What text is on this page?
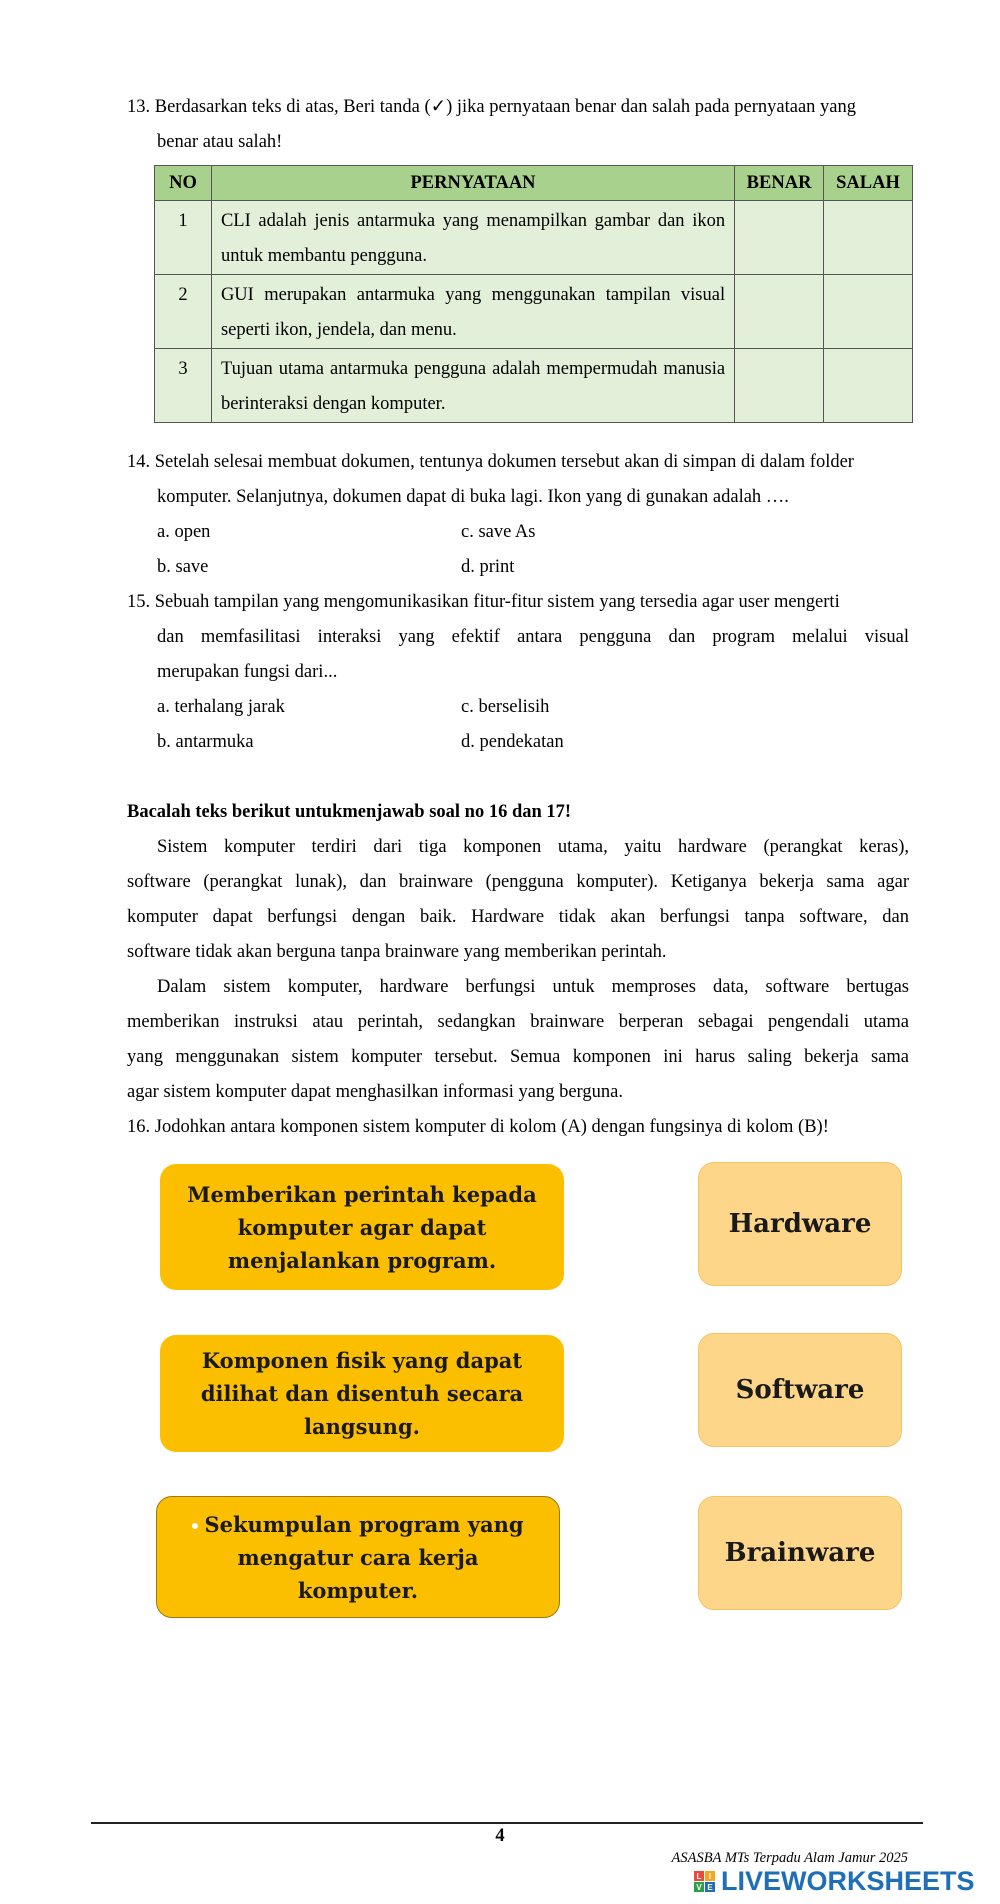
13. Berdasarkan teks di atas, Beri tanda (✓) jika pernyataan benar dan salah pada pernyataan yang
benar atau salah!
NO	PERNYATAAN	BENAR	SALAH
1	CLI adalah jenis antarmuka yang menampilkan gambar dan ikon untuk membantu pengguna.		
2	GUI merupakan antarmuka yang menggunakan tampilan visual seperti ikon, jendela, dan menu.		
3	Tujuan utama antarmuka pengguna adalah mempermudah manusia berinteraksi dengan komputer.		
14. Setelah selesai membuat dokumen, tentunya dokumen tersebut akan di simpan di dalam folder
komputer. Selanjutnya, dokumen dapat di buka lagi. Ikon yang di gunakan adalah ….
a. open	c. save As
b. save	d. print
15. Sebuah tampilan yang mengomunikasikan fitur-fitur sistem yang tersedia agar user mengerti
dan memfasilitasi interaksi yang efektif antara pengguna dan program melalui visual
merupakan fungsi dari...
a. terhalang jarak	c. berselisih
b. antarmuka	d. pendekatan
Bacalah teks berikut untukmenjawab soal no 16 dan 17!
Sistem komputer terdiri dari tiga komponen utama, yaitu hardware (perangkat keras),
software (perangkat lunak), dan brainware (pengguna komputer). Ketiganya bekerja sama agar
komputer dapat berfungsi dengan baik. Hardware tidak akan berfungsi tanpa software, dan
software tidak akan berguna tanpa brainware yang memberikan perintah.
Dalam sistem komputer, hardware berfungsi untuk memproses data, software bertugas
memberikan instruksi atau perintah, sedangkan brainware berperan sebagai pengendali utama
yang menggunakan sistem komputer tersebut. Semua komponen ini harus saling bekerja sama
agar sistem komputer dapat menghasilkan informasi yang berguna.
16. Jodohkan antara komponen sistem komputer di kolom (A) dengan fungsinya di kolom (B)!
Memberikan perintah kepada komputer agar dapat menjalankan program.
Komponen fisik yang dapat dilihat dan disentuh secara langsung.
Sekumpulan program yang mengatur cara kerja komputer.
Hardware
Software
Brainware
4
ASASBA MTs Terpadu Alam Jamur 2025
L I
V E LIVEWORKSHEETS
